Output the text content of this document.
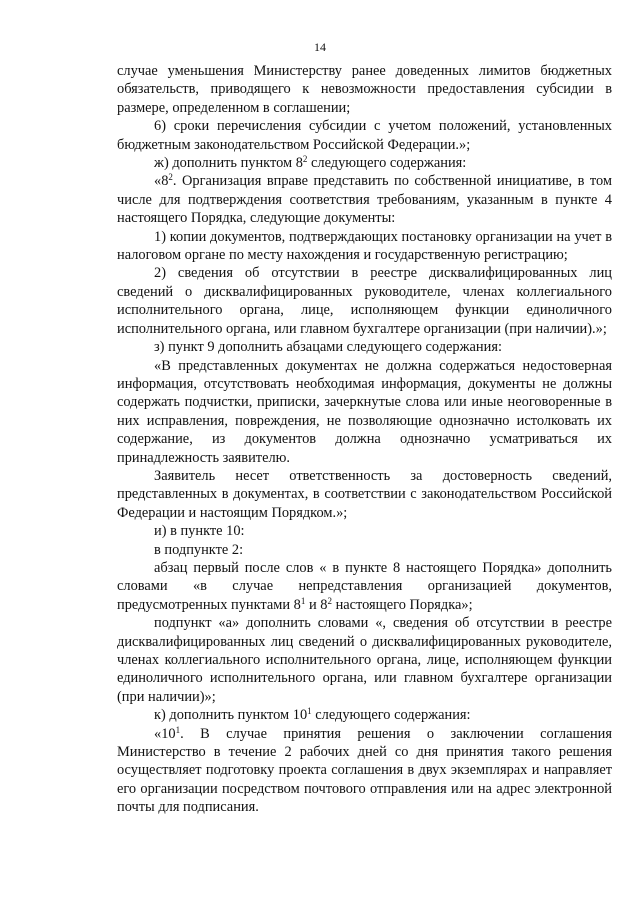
14

случае уменьшения Министерству ранее доведенных лимитов бюджетных обязательств, приводящего к невозможности предоставления субсидии в размере, определенном в соглашении;

6) сроки перечисления субсидии с учетом положений, установленных бюджетным законодательством Российской Федерации.»;

ж) дополнить пунктом $8^2$ следующего содержания:

«$8^2$. Организация вправе представить по собственной инициативе, в том числе для подтверждения соответствия требованиям, указанным в пункте 4 настоящего Порядка, следующие документы:

1) копии документов, подтверждающих постановку организации на учет в налоговом органе по месту нахождения и государственную регистрацию;

2) сведения об отсутствии в реестре дисквалифицированных лиц сведений о дисквалифицированных руководителе, членах коллегиального исполнительного органа, лице, исполняющем функции единоличного исполнительного органа, или главном бухгалтере организации (при наличии).»;

з) пункт 9 дополнить абзацами следующего содержания:

«В представленных документах не должна содержаться недостоверная информация, отсутствовать необходимая информация, документы не должны содержать подчистки, приписки, зачеркнутые слова или иные неоговоренные в них исправления, повреждения, не позволяющие однозначно истолковать их содержание, из документов должна однозначно усматриваться их принадлежность заявителю.

Заявитель несет ответственность за достоверность сведений, представленных в документах, в соответствии с законодательством Российской Федерации и настоящим Порядком.»;

и) в пункте 10:

в подпункте 2:

абзац первый после слов « в пункте 8 настоящего Порядка» дополнить словами «в случае непредставления организацией документов, предусмотренных пунктами $8^1$ и $8^2$ настоящего Порядка»;

подпункт «а» дополнить словами «, сведения об отсутствии в реестре дисквалифицированных лиц сведений о дисквалифицированных руководителе, членах коллегиального исполнительного органа, лице, исполняющем функции единоличного исполнительного органа, или главном бухгалтере организации (при наличии)»;

к) дополнить пунктом $10^1$ следующего содержания:

«$10^1$. В случае принятия решения о заключении соглашения Министерство в течение 2 рабочих дней со дня принятия такого решения осуществляет подготовку проекта соглашения в двух экземплярах и направляет его организации посредством почтового отправления или на адрес электронной почты для подписания.
